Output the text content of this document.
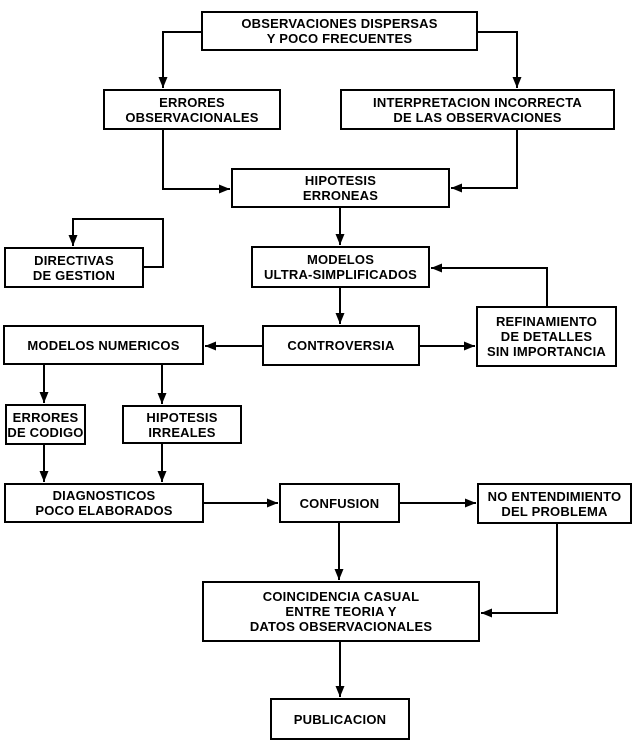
OBSERVACIONES DISPERSAS
Y POCO FRECUENTES
ERRORES
OBSERVACIONALES
INTERPRETACION INCORRECTA
DE LAS OBSERVACIONES
HIPOTESIS
ERRONEAS
DIRECTIVAS
DE GESTION
MODELOS
ULTRA-SIMPLIFICADOS
REFINAMIENTO
DE DETALLES
SIN IMPORTANCIA
MODELOS NUMERICOS	CONTROVERSIA
ERRORES
DE CODIGO
HIPOTESIS
IRREALES
DIAGNOSTICOS
POCO ELABORADOS	CONFUSION	NO ENTENDIMIENTO
DEL PROBLEMA
COINCIDENCIA CASUAL
ENTRE TEORIA Y
DATOS OBSERVACIONALES
PUBLICACION
